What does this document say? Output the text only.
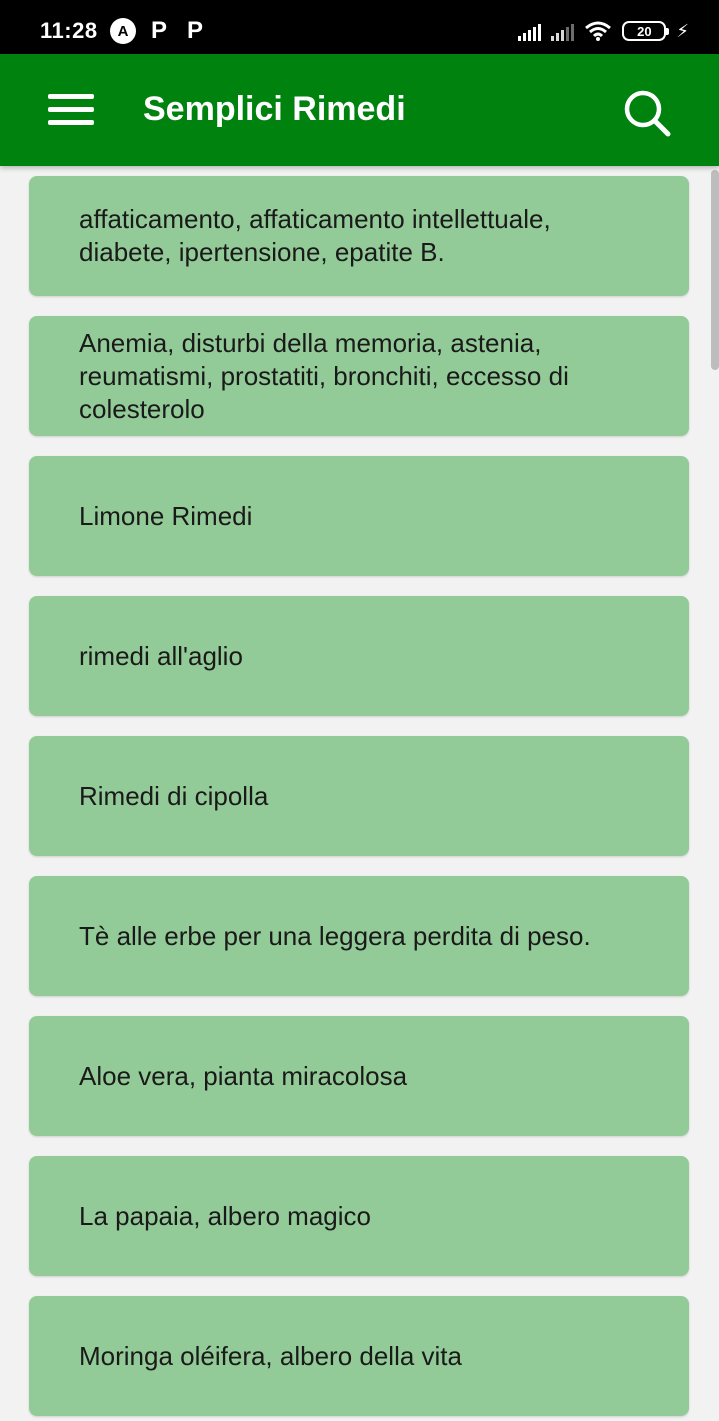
11:28	A P P	20 ⚡
Semplici Rimedi
affaticamento, affaticamento intellettuale, diabete, ipertensione, epatite B.
Anemia, disturbi della memoria, astenia, reumatismi, prostatiti, bronchiti, eccesso di colesterolo
Limone Rimedi
rimedi all'aglio
Rimedi di cipolla
Tè alle erbe per una leggera perdita di peso.
Aloe vera, pianta miracolosa
La papaia, albero magico
Moringa oléifera, albero della vita
